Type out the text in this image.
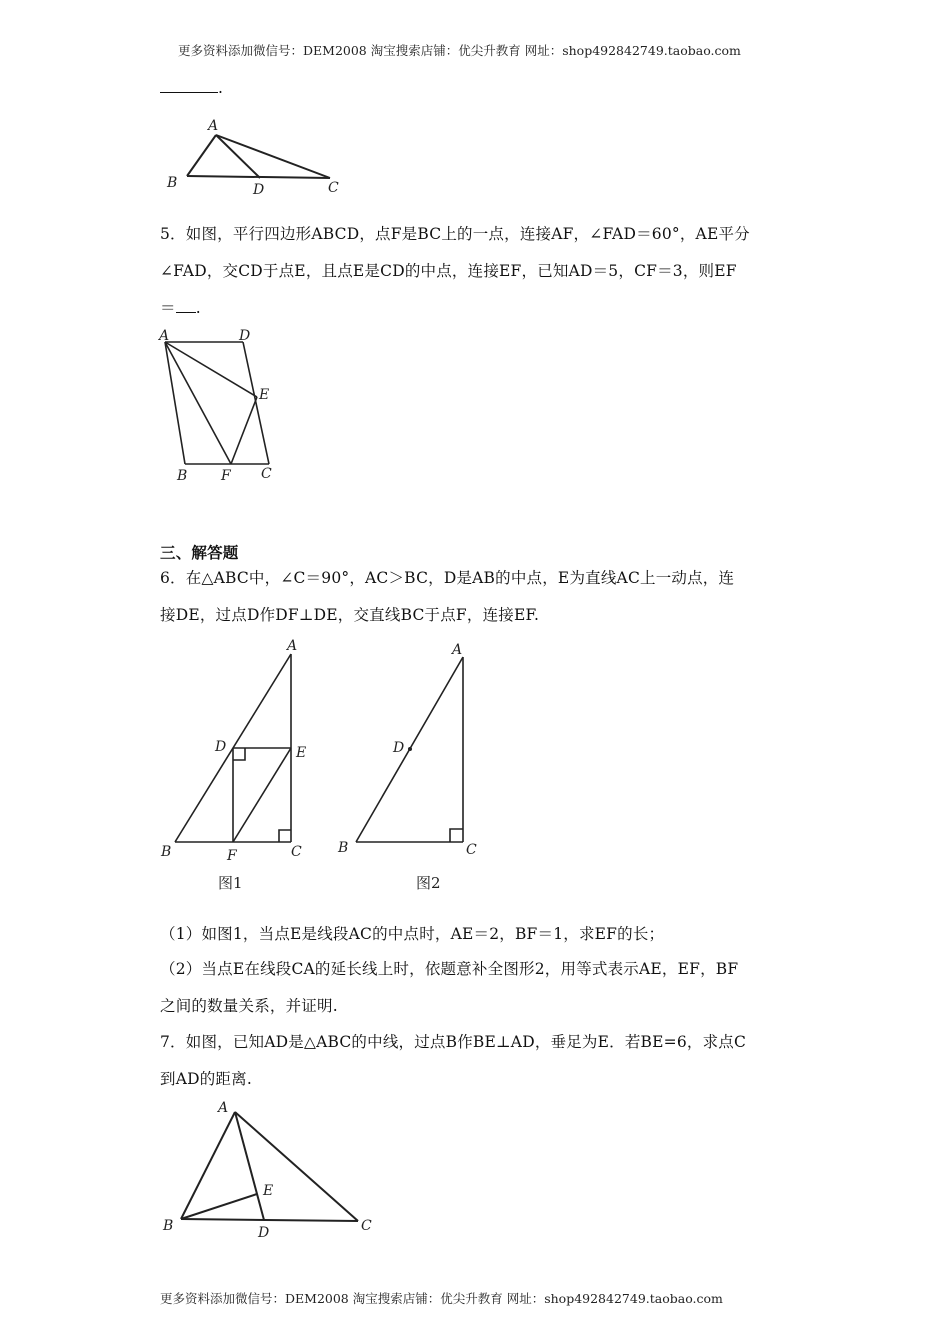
更多资料添加微信号：DEM2008 淘宝搜索店铺：优尖升教育 网址：shop492842749.taobao.com
.
A
B	D	C
5．如图，平行四边形ABCD，点F是BC上的一点，连接AF，∠FAD＝60°，AE平分
∠FAD，交CD于点E，且点E是CD的中点，连接EF，已知AD＝5，CF＝3，则EF
＝ .
A	D
E
B F C
三、解答题
6．在△ABC中，∠C＝90°，AC＞BC，D是AB的中点，E为直线AC上一动点，连
接DE，过点D作DF⊥DE，交直线BC于点F，连接EF.
A
D	E
B	F	C
图1
A
D
B	C
图2
（1）如图1，当点E是线段AC的中点时，AE＝2，BF＝1，求EF的长；
（2）当点E在线段CA的延长线上时，依题意补全图形2，用等式表示AE，EF，BF
之间的数量关系，并证明.
7．如图，已知AD是△ABC的中线，过点B作BE⊥AD，垂足为E．若BE=6，求点C
到AD的距离.
A
E
B	D	C
更多资料添加微信号：DEM2008 淘宝搜索店铺：优尖升教育 网址：shop492842749.taobao.com
